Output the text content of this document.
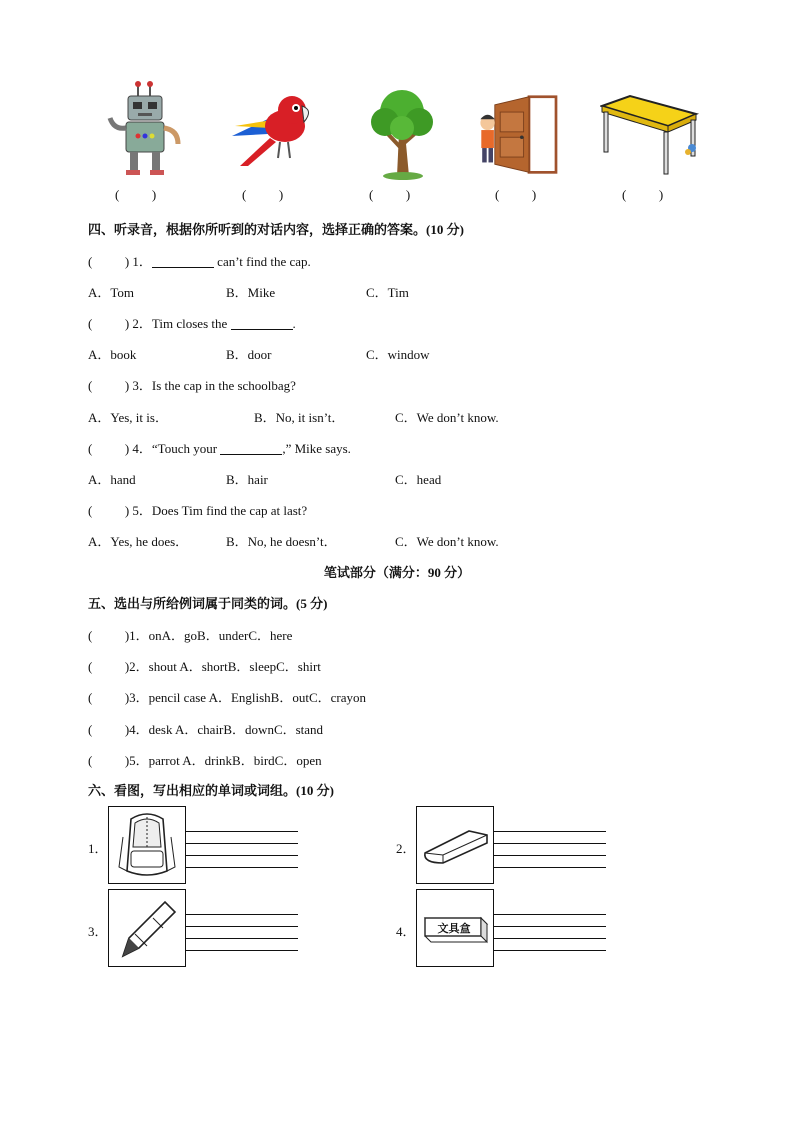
(          )	(          )	(          )	(          )	(          )
四、听录音，根据你所听到的对话内容，选择正确的答案。(10 分)
(          ) 1．	can’t find the cap.
A．Tom	B．Mike	C．Tim
(          ) 2．Tim closes the	.
A．book	B．door	C．window
(          ) 3．Is the cap in the schoolbag?
A．Yes, it is．	B．No, it isn’t．	C．We don’t know.
(          ) 4．“Touch your	,” Mike says.
A．hand	B．hair	C．head
(          ) 5．Does Tim find the cap at last?
A．Yes, he does．	B．No, he doesn’t．	C．We don’t know.
笔试部分（满分：90 分）
五、选出与所给例词属于同类的词。(5 分)
(          )1．onA．goB．underC．here
(          )2．shout A．shortB．sleepC．shirt
(          )3．pencil case A．EnglishB．outC．crayon
(          )4．desk A．chairB．downC．stand
(          )5．parrot A．drinkB．birdC．open
六、看图，写出相应的单词或词组。(10 分)
1．	2．
3．	4．	文具盒
